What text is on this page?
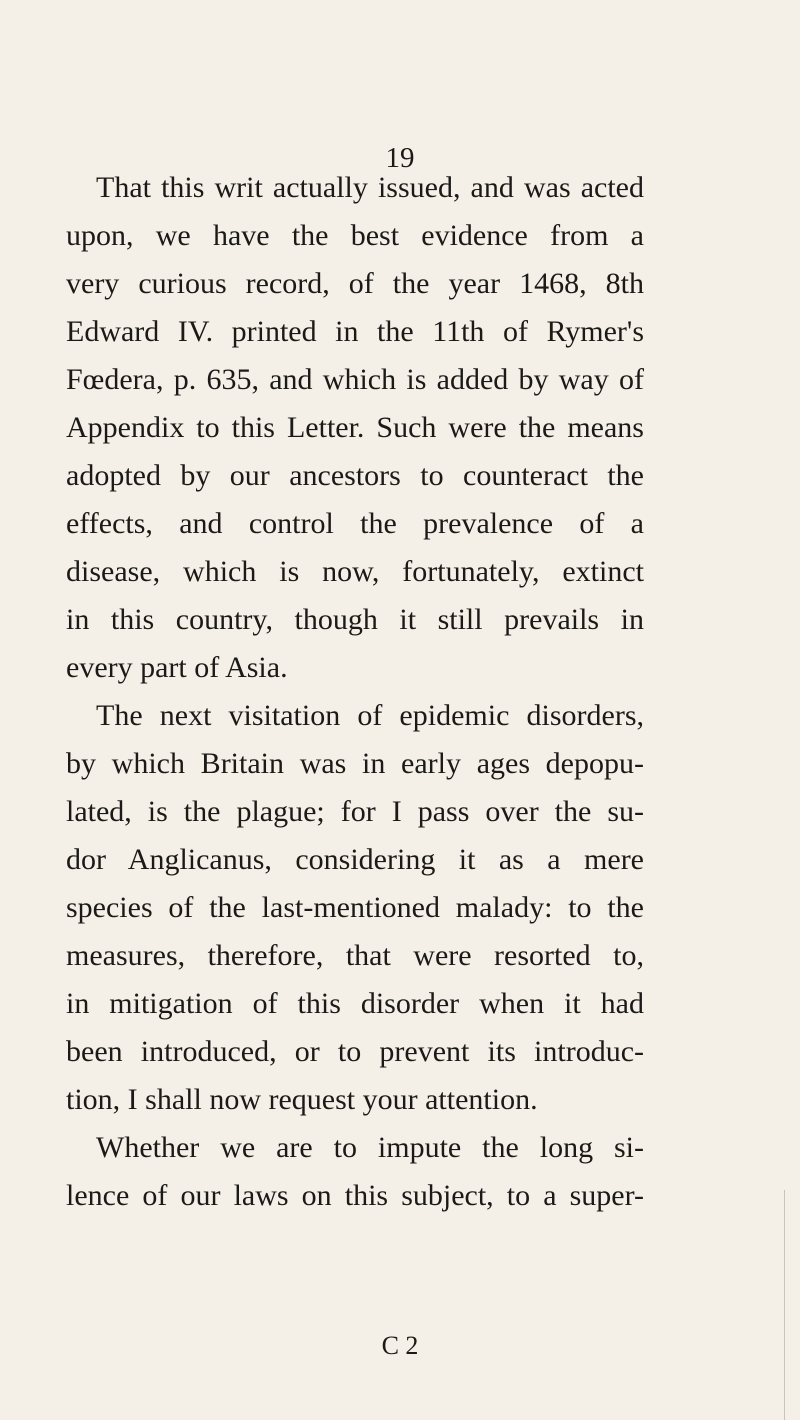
19
That this writ actually issued, and was acted
upon, we have the best evidence from a
very curious record, of the year 1468, 8th
Edward IV. printed in the 11th of Rymer's
Fœdera, p. 635, and which is added by way of
Appendix to this Letter. Such were the means
adopted by our ancestors to counteract the
effects, and control the prevalence of a
disease, which is now, fortunately, extinct
in this country, though it still prevails in
every part of Asia.
The next visitation of epidemic disorders,
by which Britain was in early ages depopu-
lated, is the plague; for I pass over the su-
dor Anglicanus, considering it as a mere
species of the last-mentioned malady: to the
measures, therefore, that were resorted to,
in mitigation of this disorder when it had
been introduced, or to prevent its introduc-
tion, I shall now request your attention.
Whether we are to impute the long si-
lence of our laws on this subject, to a super-
C 2
